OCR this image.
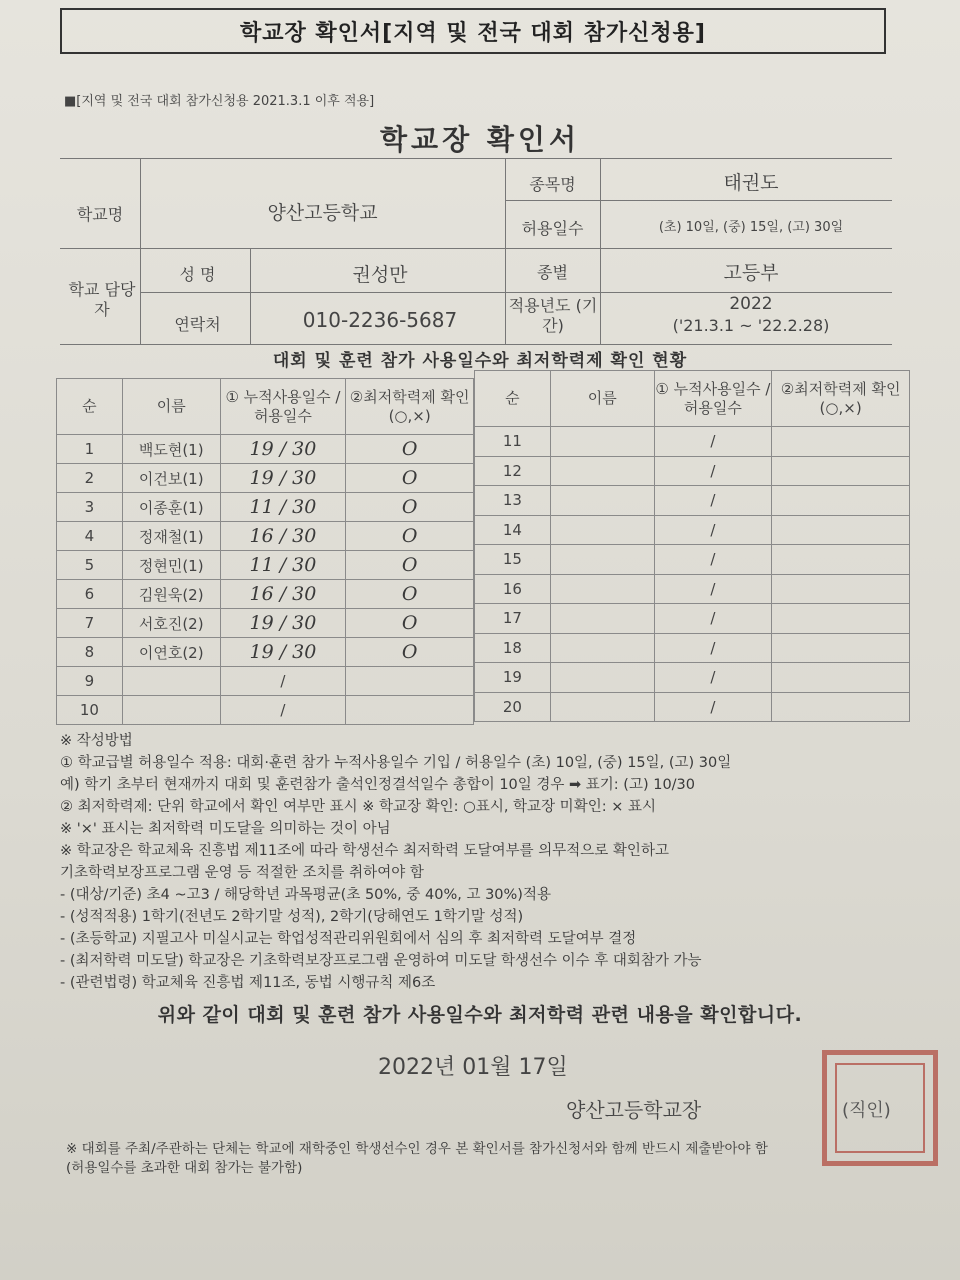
학교장 확인서[지역 및 전국 대회 참가신청용]
■[지역 및 전국 대회 참가신청용 2021.3.1 이후 적용]
학교장 확인서
학교명	양산고등학교
종목명	태권도
허용일수	(초) 10일, (중) 15일, (고) 30일
학교 담당자
성 명	권성만	종별	고등부
연락처	010-2236-5687
적용년도 (기간)
2022
('21.3.1 ~ '22.2.28)
대회 및 훈련 참가 사용일수와 최저학력제 확인 현황
순	이름	① 누적사용일수 /허용일수	②최저학력제 확인(○,×)
1	백도현(1)	19 / 30	O
2	이건보(1)	19 / 30	O
3	이종훈(1)	11 / 30	O
4	정재철(1)	16 / 30	O
5	정현민(1)	11 / 30	O
6	김원욱(2)	16 / 30	O
7	서호진(2)	19 / 30	O
8	이연호(2)	19 / 30	O
9		/	
10		/	
순	이름	① 누적사용일수 /허용일수	②최저학력제 확인(○,×)
11		/	
12		/	
13		/	
14		/	
15		/	
16		/	
17		/	
18		/	
19		/	
20		/	
※ 작성방법
① 학교급별 허용일수 적용: 대회·훈련 참가 누적사용일수 기입 / 허용일수 (초) 10일, (중) 15일, (고) 30일
예) 학기 초부터 현재까지 대회 및 훈련참가 출석인정결석일수 총합이 10일 경우 ➡ 표기: (고) 10/30
② 최저학력제: 단위 학교에서 확인 여부만 표시 ※ 학교장 확인: ○표시, 학교장 미확인: × 표시
※ '×' 표시는 최저학력 미도달을 의미하는 것이 아님
※ 학교장은 학교체육 진흥법 제11조에 따라 학생선수 최저학력 도달여부를 의무적으로 확인하고
기초학력보장프로그램 운영 등 적절한 조치를 취하여야 함
- (대상/기준) 초4 ~고3 / 해당학년 과목평균(초 50%, 중 40%, 고 30%)적용
- (성적적용) 1학기(전년도 2학기말 성적), 2학기(당해연도 1학기말 성적)
- (초등학교) 지필고사 미실시교는 학업성적관리위원회에서 심의 후 최저학력 도달여부 결정
- (최저학력 미도달) 학교장은 기초학력보장프로그램 운영하여 미도달 학생선수 이수 후 대회참가 가능
- (관련법령) 학교체육 진흥법 제11조, 동법 시행규칙 제6조
위와 같이 대회 및 훈련 참가 사용일수와 최저학력 관련 내용을 확인합니다.
2022년 01월 17일
양산고등학교장	(직인)
※ 대회를 주최/주관하는 단체는 학교에 재학중인 학생선수인 경우 본 확인서를 참가신청서와 함께 반드시 제출받아야 함
(허용일수를 초과한 대회 참가는 불가함)
